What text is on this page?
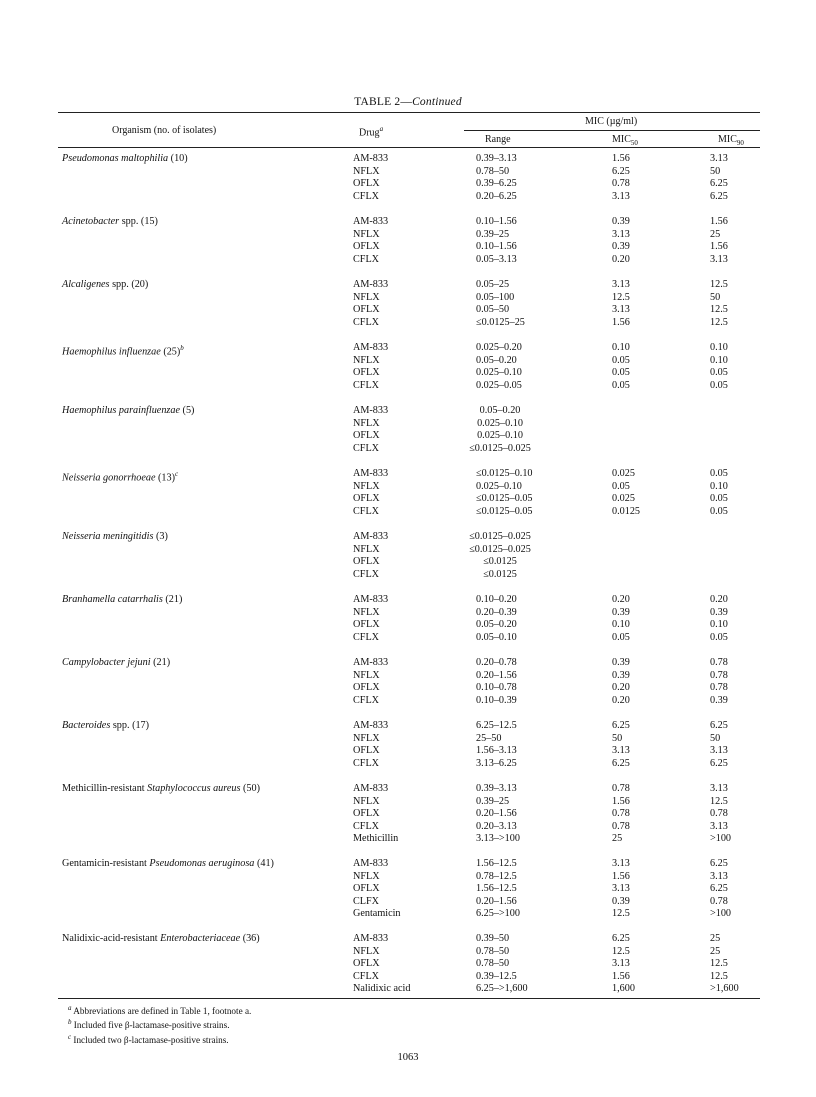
TABLE 2—Continued
Organism (no. of isolates)	Drug$^a$
MIC (µg/ml)
Range	$MIC_{50}$	$MIC_{90}$
Pseudomonas maltophilia (10)	AM-833	0.39–3.13	1.56	3.13
NFLX	0.78–50	6.25	50
OFLX	0.39–6.25	0.78	6.25
CFLX	0.20–6.25	3.13	6.25
Acinetobacter spp. (15)	AM-833	0.10–1.56	0.39	1.56
NFLX	0.39–25	3.13	25
OFLX	0.10–1.56	0.39	1.56
CFLX	0.05–3.13	0.20	3.13
Alcaligenes spp. (20)	AM-833	0.05–25	3.13	12.5
NFLX	0.05–100	12.5	50
OFLX	0.05–50	3.13	12.5
CFLX	≤0.0125–25	1.56	12.5
Haemophilus influenzae $(25)^b$	AM-833	0.025–0.20	0.10	0.10
NFLX	0.05–0.20	0.05	0.10
OFLX	0.025–0.10	0.05	0.05
CFLX	0.025–0.05	0.05	0.05
Haemophilus parainfluenzae (5)	AM-833	0.05–0.20
NFLX	0.025–0.10
OFLX	0.025–0.10
CFLX	≤0.0125–0.025
Neisseria gonorrhoeae $(13)^c$	AM-833	≤0.0125–0.10	0.025	0.05
NFLX	0.025–0.10	0.05	0.10
OFLX	≤0.0125–0.05	0.025	0.05
CFLX	≤0.0125–0.05	0.0125	0.05
Neisseria meningitidis (3)	AM-833	≤0.0125–0.025
NFLX	≤0.0125–0.025
OFLX	≤0.0125
CFLX	≤0.0125
Branhamella catarrhalis (21)	AM-833	0.10–0.20	0.20	0.20
NFLX	0.20–0.39	0.39	0.39
OFLX	0.05–0.20	0.10	0.10
CFLX	0.05–0.10	0.05	0.05
Campylobacter jejuni (21)	AM-833	0.20–0.78	0.39	0.78
NFLX	0.20–1.56	0.39	0.78
OFLX	0.10–0.78	0.20	0.78
CFLX	0.10–0.39	0.20	0.39
Bacteroides spp. (17)	AM-833	6.25–12.5	6.25	6.25
NFLX	25–50	50	50
OFLX	1.56–3.13	3.13	3.13
CFLX	3.13–6.25	6.25	6.25
Methicillin-resistant Staphylococcus aureus (50)	AM-833	0.39–3.13	0.78	3.13
NFLX	0.39–25	1.56	12.5
OFLX	0.20–1.56	0.78	0.78
CFLX	0.20–3.13	0.78	3.13
Methicillin	3.13–>100	25	>100
Gentamicin-resistant Pseudomonas aeruginosa (41)	AM-833	1.56–12.5	3.13	6.25
NFLX	0.78–12.5	1.56	3.13
OFLX	1.56–12.5	3.13	6.25
CLFX	0.20–1.56	0.39	0.78
Gentamicin	6.25–>100	12.5	>100
Nalidixic-acid-resistant Enterobacteriaceae (36)	AM-833	0.39–50	6.25	25
NFLX	0.78–50	12.5	25
OFLX	0.78–50	3.13	12.5
CFLX	0.39–12.5	1.56	12.5
Nalidixic acid	6.25–>1,600	1,600	>1,600
$^a$ Abbreviations are defined in Table 1, footnote a.
$^b$ Included five β-lactamase-positive strains.
$^c$ Included two β-lactamase-positive strains.
1063
